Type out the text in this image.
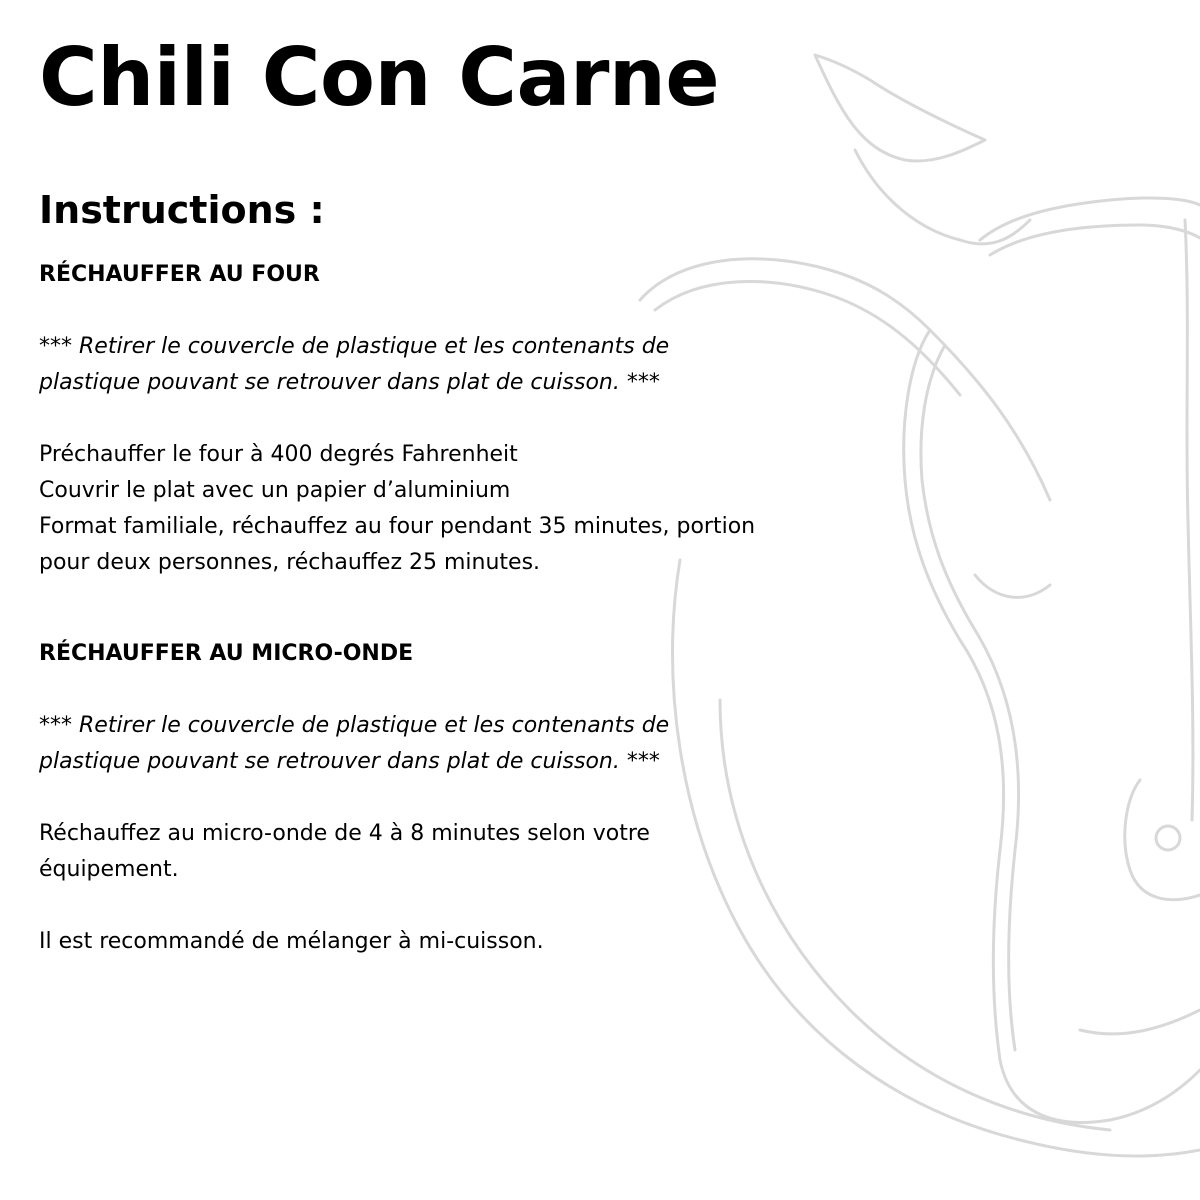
Chili Con Carne
Instructions :

RÉCHAUFFER AU FOUR

*** Retirer le couvercle de plastique et les contenants de plastique pouvant se retrouver dans plat de cuisson. ***

Préchauffer le four à 400 degrés Fahrenheit

Couvrir le plat avec un papier d’aluminium

Format familiale, réchauffez au four pendant 35 minutes, portion pour deux personnes, réchauffez 25 minutes.

RÉCHAUFFER AU MICRO-ONDE

*** Retirer le couvercle de plastique et les contenants de plastique pouvant se retrouver dans plat de cuisson. ***

Réchauffez au micro-onde de 4 à 8 minutes selon votre équipement.

Il est recommandé de mélanger à mi-cuisson.
